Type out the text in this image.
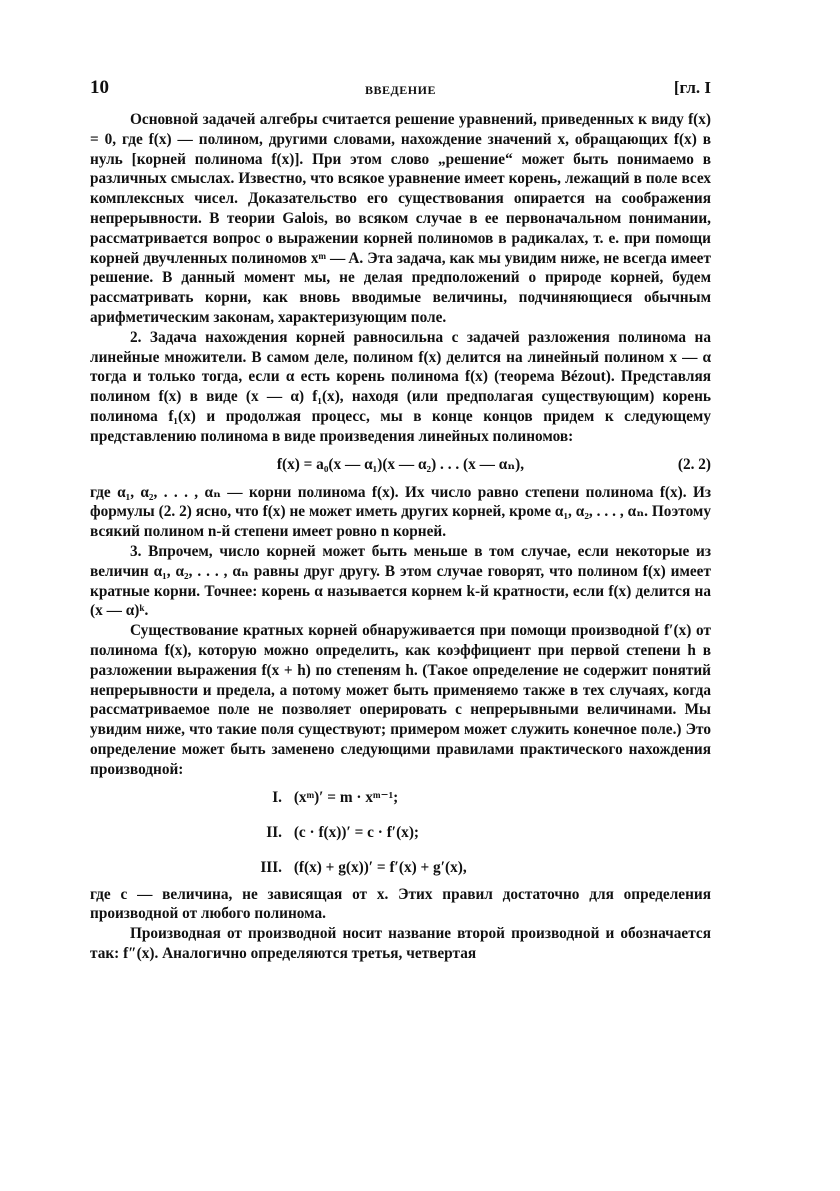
10	ВВЕДЕНИЕ	[гл. I

Основной задачей алгебры считается решение уравнений, приведенных к виду f(x) = 0, где f(x) — полином, другими словами, нахождение значений x, обращающих f(x) в нуль [корней полинома f(x)]. При этом слово „решение“ может быть понимаемо в различных смыслах. Известно, что всякое уравнение имеет корень, лежащий в поле всех комплексных чисел. Доказательство его существования опирается на соображения непрерывности. В теории Galois, во всяком случае в ее первоначальном понимании, рассматривается вопрос о выражении корней полиномов в радикалах, т. е. при помощи корней двучленных полиномов xᵐ — A. Эта задача, как мы увидим ниже, не всегда имеет решение. В данный момент мы, не делая предположений о природе корней, будем рассматривать корни, как вновь вводимые величины, подчиняющиеся обычным арифметическим законам, характеризующим поле.

2. Задача нахождения корней равносильна с задачей разложения полинома на линейные множители. В самом деле, полином f(x) делится на линейный полином x — α тогда и только тогда, если α есть корень полинома f(x) (теорема Bézout). Представляя полином f(x) в виде (x — α) f₁(x), находя (или предполагая существующим) корень полинома f₁(x) и продолжая процесс, мы в конце концов придем к следующему представлению полинома в виде произведения линейных полиномов:

f(x) = a₀(x — α₁)(x — α₂) . . . (x — αₙ),	(2. 2)

где α₁, α₂, . . . , αₙ — корни полинома f(x). Их число равно степени полинома f(x). Из формулы (2. 2) ясно, что f(x) не может иметь других корней, кроме α₁, α₂, . . . , αₙ. Поэтому всякий полином n-й степени имеет ровно n корней.

3. Впрочем, число корней может быть меньше в том случае, если некоторые из величин α₁, α₂, . . . , αₙ равны друг другу. В этом случае говорят, что полином f(x) имеет кратные корни. Точнее: корень α называется корнем k-й кратности, если f(x) делится на (x — α)ᵏ.

Существование кратных корней обнаруживается при помощи производной f′(x) от полинома f(x), которую можно определить, как коэффициент при первой степени h в разложении выражения f(x + h) по степеням h. (Такое определение не содержит понятий непрерывности и предела, а потому может быть применяемо также в тех случаях, когда рассматриваемое поле не позволяет оперировать с непрерывными величинами. Мы увидим ниже, что такие поля существуют; примером может служить конечное поле.) Это определение может быть заменено следующими правилами практического нахождения производной:

I. (xᵐ)′ = m · xᵐ⁻¹;
II. (c · f(x))′ = c · f′(x);
III. (f(x) + g(x))′ = f′(x) + g′(x),

где c — величина, не зависящая от x. Этих правил достаточно для определения производной от любого полинома.

Производная от производной носит название второй производной и обозначается так: f″(x). Аналогично определяются третья, четвертая
